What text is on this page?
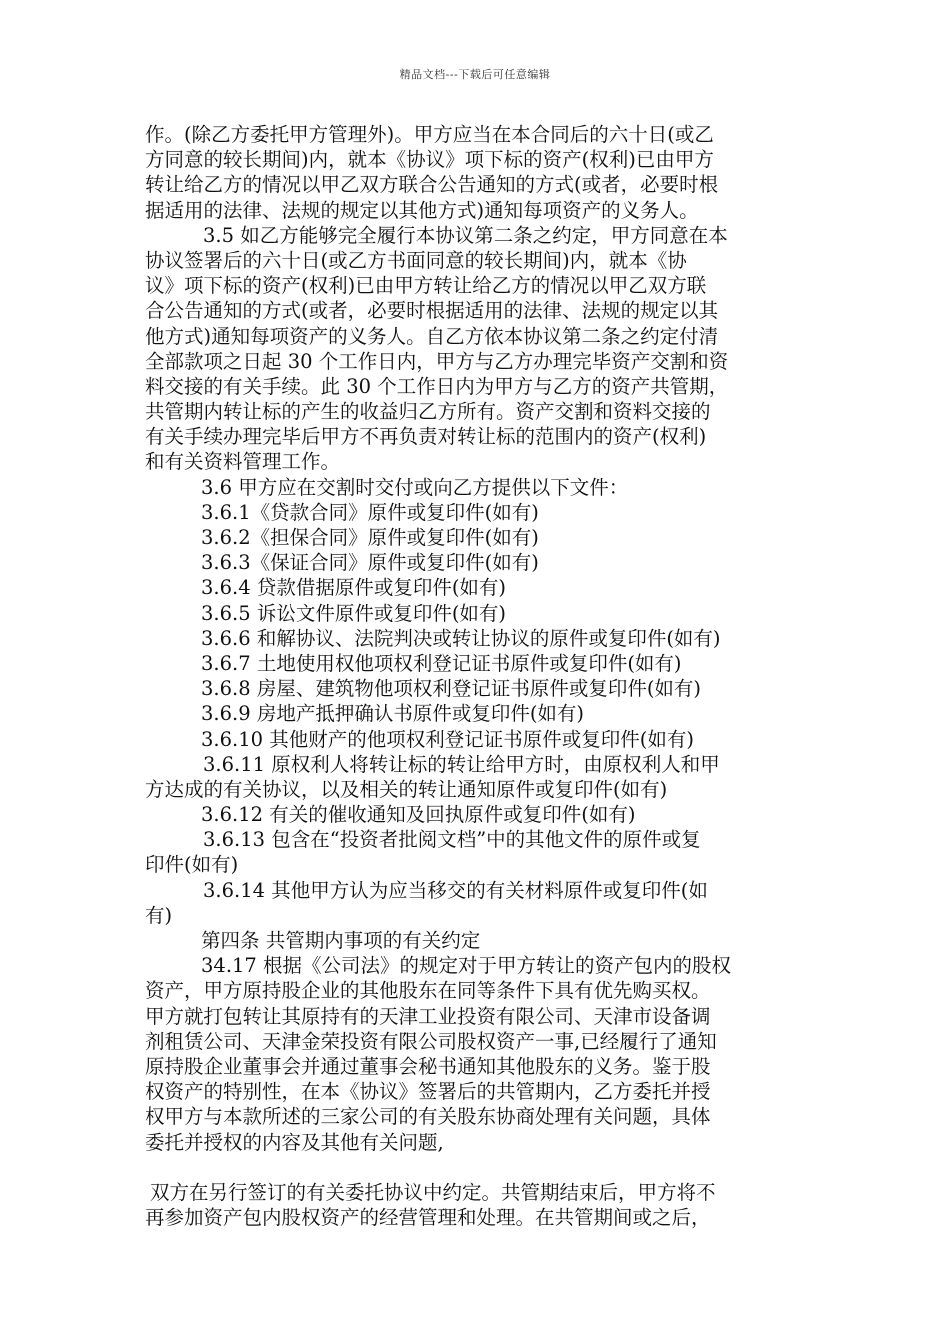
精品文档---下载后可任意编辑
作。(除乙方委托甲方管理外)。甲方应当在本合同后的六十日(或乙
方同意的较长期间)内，就本《协议》项下标的资产(权利)已由甲方
转让给乙方的情况以甲乙双方联合公告通知的方式(或者，必要时根
据适用的法律、法规的规定以其他方式)通知每项资产的义务人。
3.5 如乙方能够完全履行本协议第二条之约定，甲方同意在本
协议签署后的六十日(或乙方书面同意的较长期间)内，就本《协
议》项下标的资产(权利)已由甲方转让给乙方的情况以甲乙双方联
合公告通知的方式(或者，必要时根据适用的法律、法规的规定以其
他方式)通知每项资产的义务人。自乙方依本协议第二条之约定付清
全部款项之日起 30 个工作日内，甲方与乙方办理完毕资产交割和资
料交接的有关手续。此 30 个工作日内为甲方与乙方的资产共管期，
共管期内转让标的产生的收益归乙方所有。资产交割和资料交接的
有关手续办理完毕后甲方不再负责对转让标的范围内的资产(权利)
和有关资料管理工作。
3.6 甲方应在交割时交付或向乙方提供以下文件：
3.6.1《贷款合同》原件或复印件(如有)
3.6.2《担保合同》原件或复印件(如有)
3.6.3《保证合同》原件或复印件(如有)
3.6.4 贷款借据原件或复印件(如有)
3.6.5 诉讼文件原件或复印件(如有)
3.6.6 和解协议、法院判决或转让协议的原件或复印件(如有)
3.6.7 土地使用权他项权利登记证书原件或复印件(如有)
3.6.8 房屋、建筑物他项权利登记证书原件或复印件(如有)
3.6.9 房地产抵押确认书原件或复印件(如有)
3.6.10 其他财产的他项权利登记证书原件或复印件(如有)
3.6.11 原权利人将转让标的转让给甲方时，由原权利人和甲
方达成的有关协议，以及相关的转让通知原件或复印件(如有)
3.6.12 有关的催收通知及回执原件或复印件(如有)
3.6.13 包含在“投资者批阅文档”中的其他文件的原件或复
印件(如有)
3.6.14 其他甲方认为应当移交的有关材料原件或复印件(如
有)
第四条 共管期内事项的有关约定
34.17 根据《公司法》的规定对于甲方转让的资产包内的股权
资产，甲方原持股企业的其他股东在同等条件下具有优先购买权。
甲方就打包转让其原持有的天津工业投资有限公司、天津市设备调
剂租赁公司、天津金荣投资有限公司股权资产一事,已经履行了通知
原持股企业董事会并通过董事会秘书通知其他股东的义务。鉴于股
权资产的特别性，在本《协议》签署后的共管期内，乙方委托并授
权甲方与本款所述的三家公司的有关股东协商处理有关问题，具体
委托并授权的内容及其他有关问题,
双方在另行签订的有关委托协议中约定。共管期结束后，甲方将不
再参加资产包内股权资产的经营管理和处理。在共管期间或之后，
